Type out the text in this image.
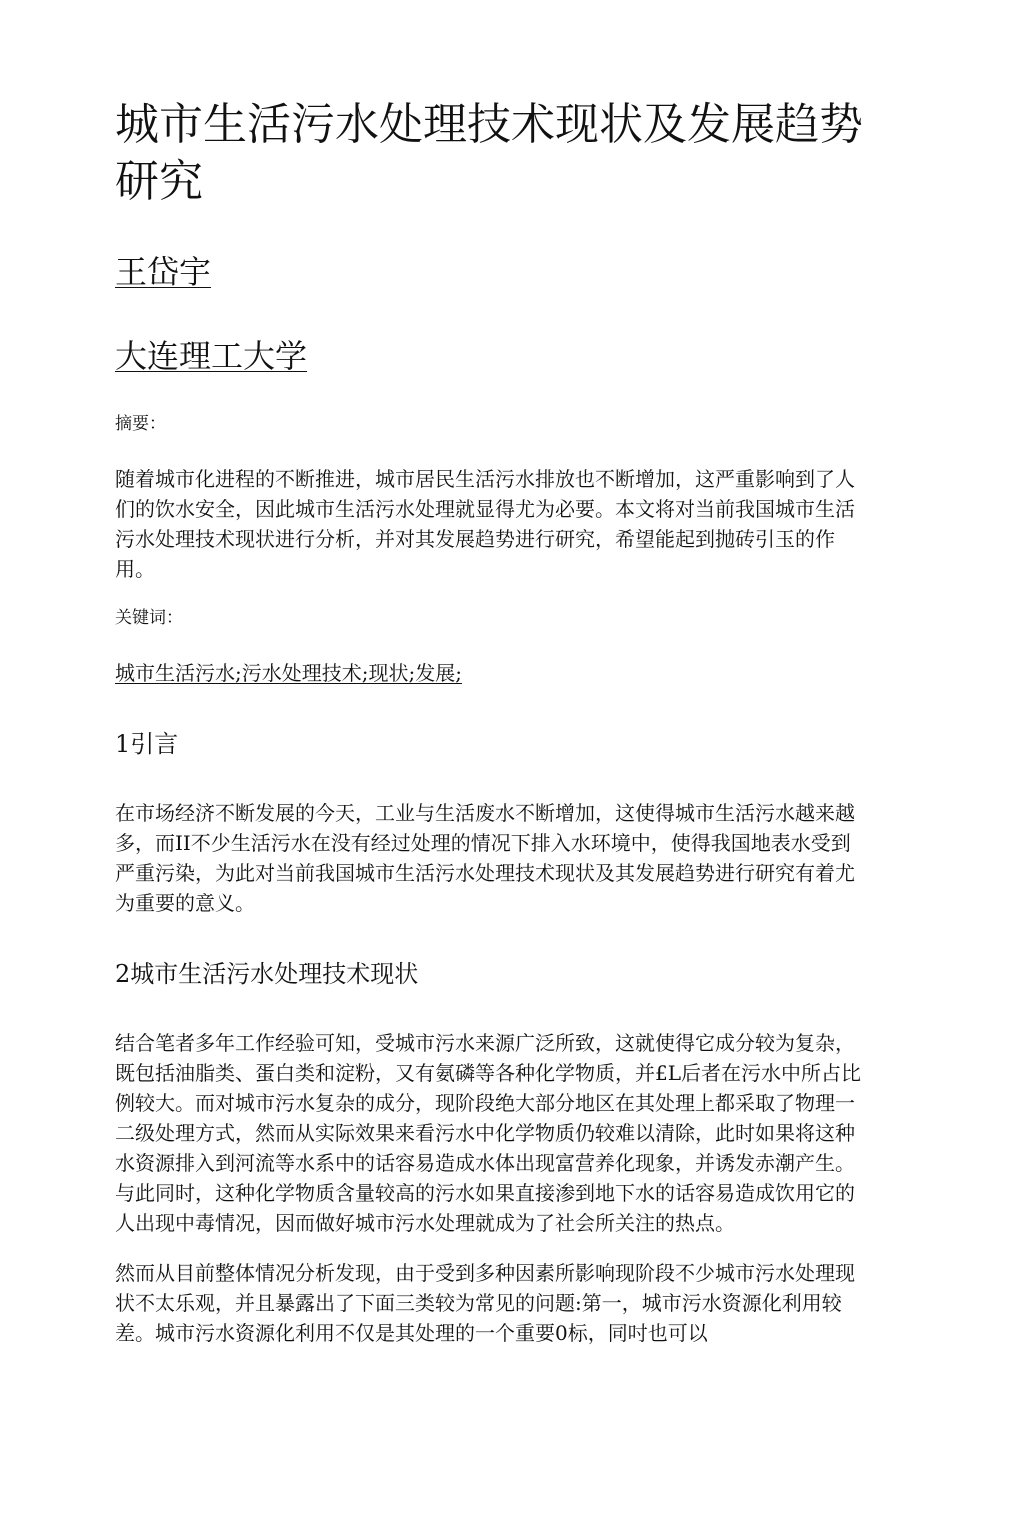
城市生活污水处理技术现状及发展趋势研究
王岱宇
大连理工大学
摘要：

随着城市化进程的不断推进，城市居民生活污水排放也不断增加，这严重影响到了人们的饮水安全，因此城市生活污水处理就显得尤为必要。本文将对当前我国城市生活污水处理技术现状进行分析，并对其发展趋势进行研究，希望能起到抛砖引玉的作用。

关键词：
城市生活污水;污水处理技术;现状;发展;
1引言

在市场经济不断发展的今天，工业与生活废水不断增加，这使得城市生活污水越来越多，而II不少生活污水在没有经过处理的情况下排入水环境中，使得我国地表水受到严重污染，为此对当前我国城市生活污水处理技术现状及其发展趋势进行研究有着尤为重要的意义。

2城市生活污水处理技术现状

结合笔者多年工作经验可知，受城市污水来源广泛所致，这就使得它成分较为复杂，既包括油脂类、蛋白类和淀粉，又有氨磷等各种化学物质，并£L后者在污水中所占比例较大。而对城市污水复杂的成分，现阶段绝大部分地区在其处理上都采取了物理一二级处理方式，然而从实际效果来看污水中化学物质仍较难以清除，此时如果将这种水资源排入到河流等水系中的话容易造成水体出现富营养化现象，并诱发赤潮产生。与此同时，这种化学物质含量较高的污水如果直接渗到地下水的话容易造成饮用它的人出现中毒情况，因而做好城市污水处理就成为了社会所关注的热点。

然而从目前整体情况分析发现，由于受到多种因素所影响现阶段不少城市污水处理现状不太乐观，并且暴露出了下面三类较为常见的问题:第一，城市污水资源化利用较差。城市污水资源化利用不仅是其处理的一个重要0标，同吋也可以
